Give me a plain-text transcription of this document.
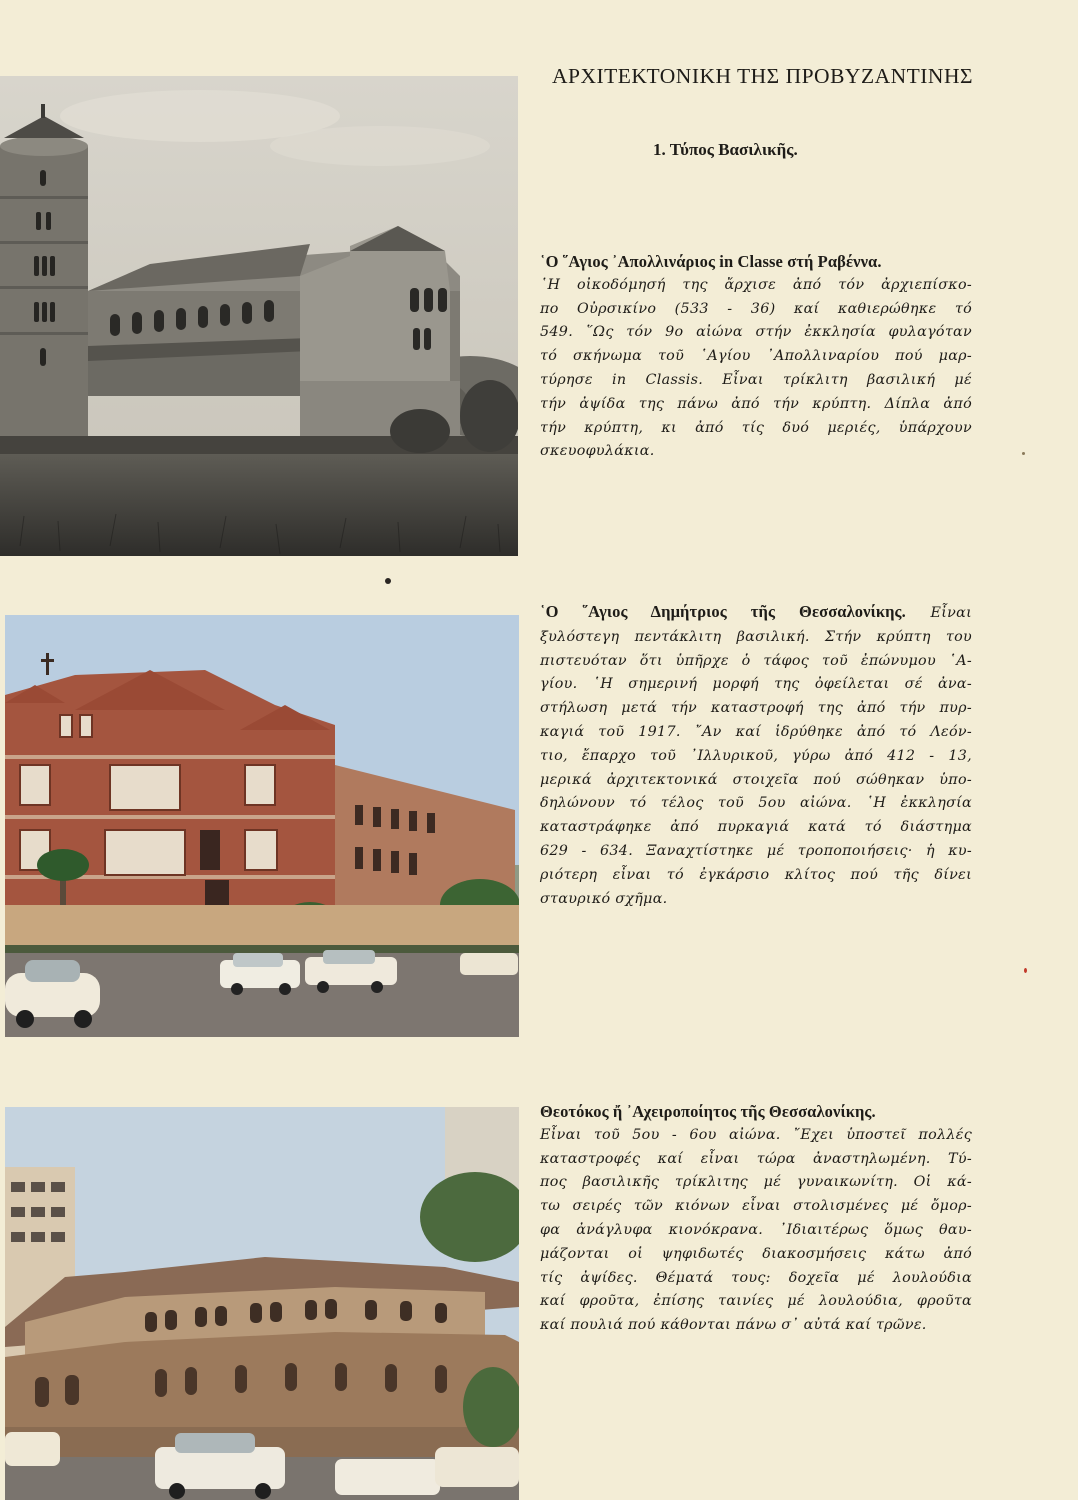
ΑΡΧΙΤΕΚΤΟΝΙΚΗ ΤΗΣ ΠΡΟΒΥΖΑΝΤΙΝΗΣ
1. Τύπος Βασιλικῆς.
῾Ο ῞Αγιος ᾿Απολλινάριος in Classe στή Ραβέννα.
῾Η οἰκοδόμησή της ἄρχισε ἀπό τόν ἀρχιεπίσκο-
πο Οὐρσικίνο (533 - 36) καί καθιερώθηκε τό
549. ῞Ως τόν 9ο αἰώνα στήν ἐκκλησία φυλαγόταν
τό σκήνωμα τοῦ ῾Αγίου ᾿Απολλιναρίου πού μαρ-
τύρησε in Classis. Εἶναι τρίκλιτη βασιλική μέ
τήν ἀψίδα της πάνω ἀπό τήν κρύπτη. Δίπλα ἀπό
τήν κρύπτη, κι ἀπό τίς δυό μεριές, ὑπάρχουν
σκευοφυλάκια.
῾Ο ῞Αγιος Δημήτριος τῆς Θεσσαλονίκης. Εἶναι
ξυλόστεγη πεντάκλιτη βασιλική. Στήν κρύπτη του
πιστευόταν ὅτι ὑπῆρχε ὁ τάφος τοῦ ἐπώνυμου ῾Α-
γίου. ῾Η σημερινή μορφή της ὀφείλεται σέ ἀνα-
στήλωση μετά τήν καταστροφή της ἀπό τήν πυρ-
καγιά τοῦ 1917. ῎Αν καί ἱδρύθηκε ἀπό τό Λεόν-
τιο, ἔπαρχο τοῦ ᾿Ιλλυρικοῦ, γύρω ἀπό 412 - 13,
μερικά ἀρχιτεκτονικά στοιχεῖα πού σώθηκαν ὑπο-
δηλώνουν τό τέλος τοῦ 5ου αἰώνα. ῾Η ἐκκλησία
καταστράφηκε ἀπό πυρκαγιά κατά τό διάστημα
629 - 634. Ξαναχτίστηκε μέ τροποποιήσεις· ἡ κυ-
ριότερη εἶναι τό ἐγκάρσιο κλίτος πού τῆς δίνει
σταυρικό σχῆμα.
Θεοτόκος ἤ ᾿Αχειροποίητος τῆς Θεσσαλονίκης.
Εἶναι τοῦ 5ου - 6ου αἰώνα. ῎Εχει ὑποστεῖ πολλές
καταστροφές καί εἶναι τώρα ἀναστηλωμένη. Τύ-
πος βασιλικῆς τρίκλιτης μέ γυναικωνίτη. Οἱ κά-
τω σειρές τῶν κιόνων εἶναι στολισμένες μέ ὄμορ-
φα ἀνάγλυφα κιονόκρανα. ᾿Ιδιαιτέρως ὅμως θαυ-
μάζονται οἱ ψηφιδωτές διακοσμήσεις κάτω ἀπό
τίς ἀψίδες. Θέματά τους: δοχεῖα μέ λουλούδια
καί φροῦτα, ἐπίσης ταινίες μέ λουλούδια, φροῦτα
καί πουλιά πού κάθονται πάνω σ᾿ αὐτά καί τρῶνε.
